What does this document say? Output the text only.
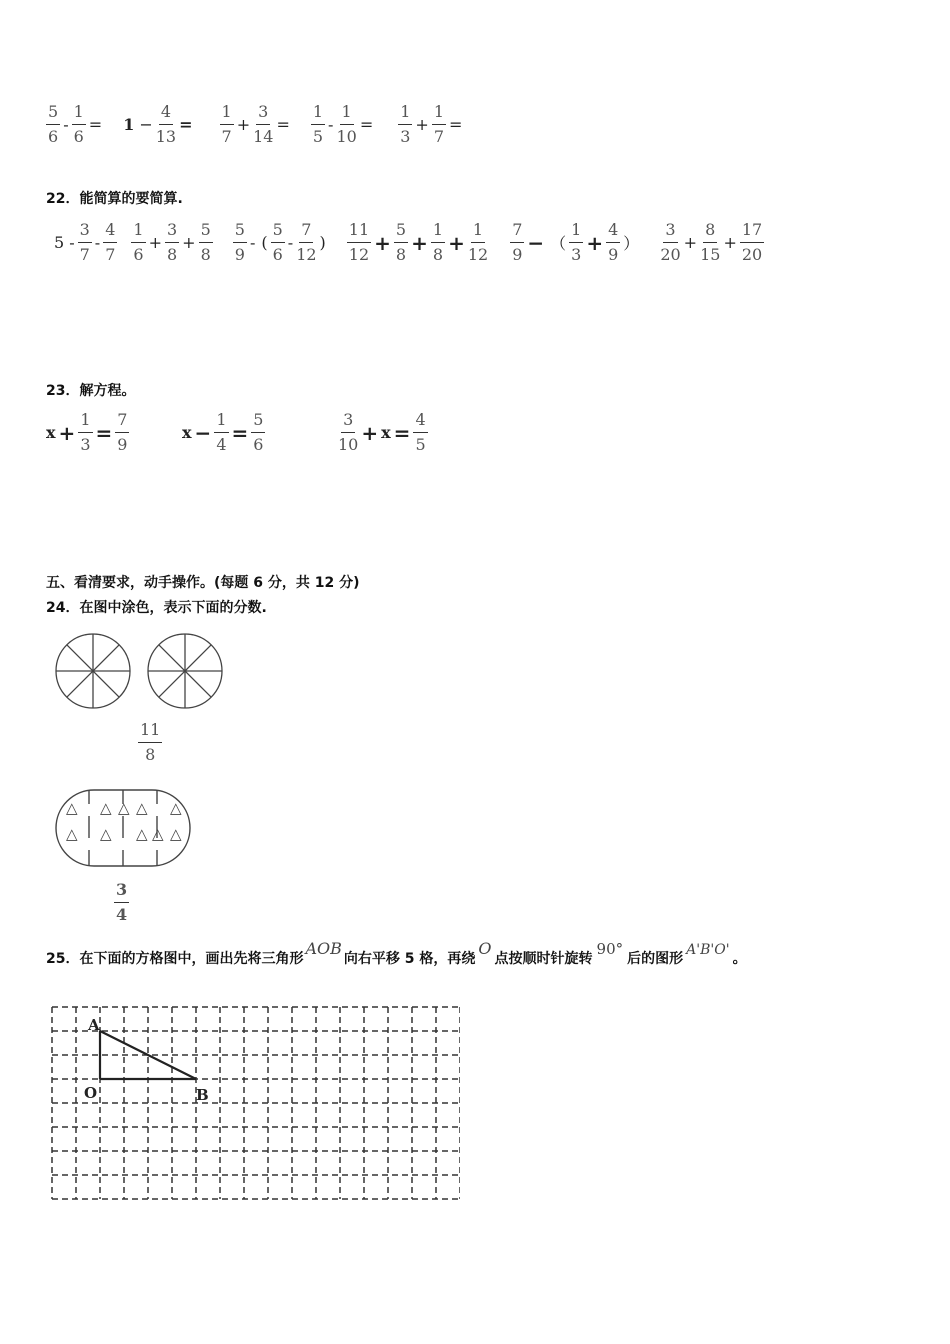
5
6
- $\frac{1}{6} = 1 - \frac{4}{13}$ =
1
7
+ $\frac{3}{14}$ =
1
5
- $\frac{1}{10}$ =
1
3
+ $\frac{1}{7}$ =
22．能简算的要简算.
5 -
3
7
-
4
7
1
6
+ $\frac{3}{8} + \frac{5}{8} 5$
9
- (
5
6
-
7
12
)
11
$12 + \frac{5}{8} + \frac{1}{8} + \frac{1}{12} 7$
9 − （
1
$3 + \frac{4}{9}$ ）
3
20
+ $\frac{8}{15} + \frac{17}{20}$
23．解方程。
$x + \frac{1}{3} = \frac{7}{9}$	$x - \frac{1}{4} = \frac{5}{6}$	3
$10 + x = \frac{4}{5}$
五、看清要求，动手操作。(每题 6 分，共 12 分)
24．在图中涂色，表示下面的分数.
$\frac{11}{8}$
△ △ △ △ △
△ △ △ △ △
$\frac{3}{4}$
25．在下面的方格图中，画出先将三角形
AOB
向右平移 5 格，再绕
O
点按顺时针旋转
90°
后的图形
A'B'O'
。
A
O	B
